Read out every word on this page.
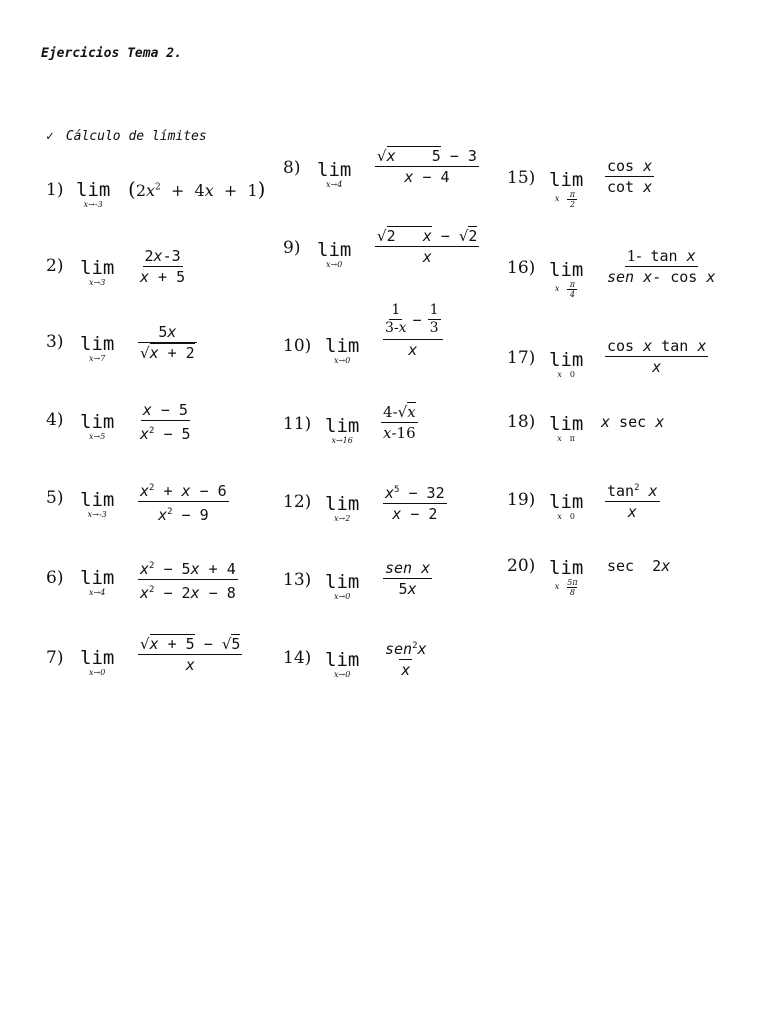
Ejercicios Tema 2.
✓ Cálculo de límites
1) lim
x→-3
$(2x^2 + 4x + 1)$
2) lim
$x\to 3 \frac{2x-3}{x + 5}$
3) lim
$x\to 7 \frac{5x}{√x + 2}$
4) lim
$x\to 5 \frac{x - 5}{x^2 - 5}$
5) lim
$x\to-3 \frac{x^2 + x - 6}{x^2 - 9}$
6) lim
$x\to 4 \frac{x^2 - 5x + 4}{x^2 - 2x - 8}$
7) lim
$x\to 0 \frac{√x + 5 - √5}{x}$
8) lim
$x\to 4 \frac{√x 5 - 3}{x - 4}$
9) lim
$x\to 0 \frac{√2 x - √2}{x}$
10) lim
x→0
1
$3-x - \frac{1}{3}$
x
11) lim
$x\to 16 \frac{4-√x}{x-16}$
12) lim
$x\to 2 \frac{x^5 - 32}{x - 2}$
13) lim
x→0
sen x
5x
14) lim
x→0
sen$^2$x
x
15) lim
x π
2
$\frac{\text{cos x}}{\text{cot x}}$
16) lim
x π
4
1- tan x
sen x- cos x
17) lim
x $0 \frac{\text{cos x tan x}}{x}$
18) lim
x π
x sec x
19) lim
x $0 \frac{\tan^2 x}{x}$
20) lim
x 5π
8
sec  2x
